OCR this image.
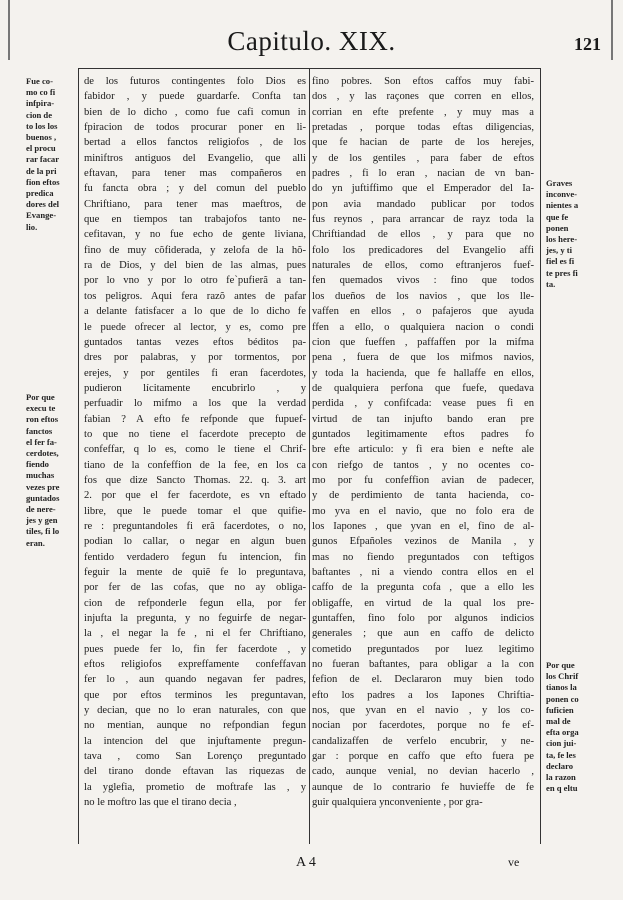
Capitulo. XIX.	121
Fue co-
mo co fi
infpira-
cion de
to los los
buenos ,
el procu
rar facar
de la pri
fion eftos
predica
dores del
Evange-
lio.
Por que
execu te
ron eftos
fanctos
el fer fa-
cerdotes,
fiendo
muchas
vezes pre
guntados
de nere-
jes y gen
tiles, fi lo
eran.
Graves
inconve-
nientes a
que fe
ponen
los here-
jes, y ti
fiel es fi
te pres fi
ta.
Por que
los Chrif
tianos la
ponen co
fuficien
mal de
efta orga
cion jui-
ta, fe les
declaro
la razon
en q eltu
de los futuros contingentes folo Dios es
fabidor , y puede guardarfe. Confta tan
bien de lo dicho , como fue cafi comun in
fpiracion de todos procurar poner en li-
bertad a ellos fanctos religiofos , de los
miniftros antiguos del Evangelio, que alli
eftavan, para tener mas compañeros en
fu fancta obra ; y del comun del pueblo
Chriftiano, para tener mas maeftros, de
que en tiempos tan trabajofos tanto ne-
cefitavan, y no fue echo de gente liviana,
fino de muy cõfiderada, y zelofa de la hõ-
ra de Dios, y del bien de las almas, pues
por lo vno y por lo otro fe`pufierã a tan-
tos peligros. Aqui fera razõ antes de pafar
a delante fatisfacer a lo que de lo dicho fe
le puede ofrecer al lector, y es, como pre
guntados tantas vezes eftos béditos pa-
dres por palabras, y por tormentos, por
erejes, y por gentiles fi eran facerdotes,
pudieron lícitamente encubrirlo , y
perfuadir lo mifmo a los que la verdad
fabian ? A efto fe refponde que fupuef-
to que no tiene el facerdote precepto de
confeffar, q lo es, como le tiene el Chrif-
tiano de la confeffion de la fee, en los ca
fos que dize Sancto Thomas. 22. q. 3. art
2. por que el fer facerdote, es vn eftado
libre, que le puede tomar el que quifie-
re : preguntandoles fi erã facerdotes, o no,
podian lo callar, o negar en algun buen
fentido verdadero fegun fu intencion, fin
feguir la mente de quiẽ fe lo preguntava,
por fer de las cofas, que no ay obliga-
cion de refponderle fegun ella, por fer
injufta la pregunta, y no feguirfe de negar-
la , el negar la fe , ni el fer Chriftiano,
pues puede fer lo, fin fer facerdote , y
eftos religiofos expreffamente confeffavan
fer lo , aun quando negavan fer padres,
que por eftos terminos les preguntavan,
y decian, que no lo eran naturales, con que
no mentian, aunque no refpondian fegun
la intencion del que injuftamente pregun-
tava , como San Lorenço preguntado
del tirano donde eftavan las riquezas de
la yglefia, prometio de moftrafe las , y
no le moftro las que el tirano decia ,
fino pobres. Son eftos caffos muy fabi-
dos , y las raçones que corren en ellos,
corrian en efte prefente , y muy mas a
pretadas , porque todas eftas diligencias,
que fe hacian de parte de los herejes,
y de los gentiles , para faber de eftos
padres , fi lo eran , nacian de vn ban-
do yn juftiffimo que el Emperador del Ia-
pon avia mandado publicar por todos
fus reynos , para arrancar de rayz toda la
Chriftiandad de ellos , y para que no
folo los predicadores del Evangelio affi
naturales de ellos, como eftranjeros fuef-
fen quemados vivos : fino que todos
los dueños de los navios , que los lle-
vaffen en ellos , o pafajeros que ayuda
ffen a ello, o qualquiera nacion o condi
cion que fueffen , paffaffen por la mifma
pena , fuera de que los mifmos navios,
y toda la hacienda, que fe hallaffe en ellos,
de qualquiera perfona que fuefe, quedava
perdida , y confifcada: vease pues fi en
virtud de tan injufto bando eran pre
guntados legitimamente eftos padres fo
bre efte articulo: y fi era bien e nefte ale
con riefgo de tantos , y no ocentes co-
mo por fu confeffion avian de padecer,
y de perdimiento de tanta hacienda, co-
mo yva en el navio, que no folo era de
los Iapones , que yvan en el, fino de al-
gunos Efpañoles vezinos de Manila , y
mas no fiendo preguntados con teftigos
baftantes , ni a viendo contra ellos en el
caffo de la pregunta cofa , que a ello les
obligaffe, en virtud de la qual los pre-
guntaffen, fino folo por algunos indicios
generales ; que aun en caffo de delicto
cometido preguntados por luez legitimo
no fueran baftantes, para obligar a la con
fefion de el. Declararon muy bien todo
efto los padres a los Iapones Chriftia-
nos, que yvan en el navio , y los co-
nocian por facerdotes, porque no fe ef-
candalizaffen de verfelo encubrir, y ne-
gar : porque en caffo que efto fuera pe
cado, aunque venial, no devian hacerlo ,
aunque de lo contrario fe huvieffe de fe
guir qualquiera ynconveniente , por gra-
A 4	ve
